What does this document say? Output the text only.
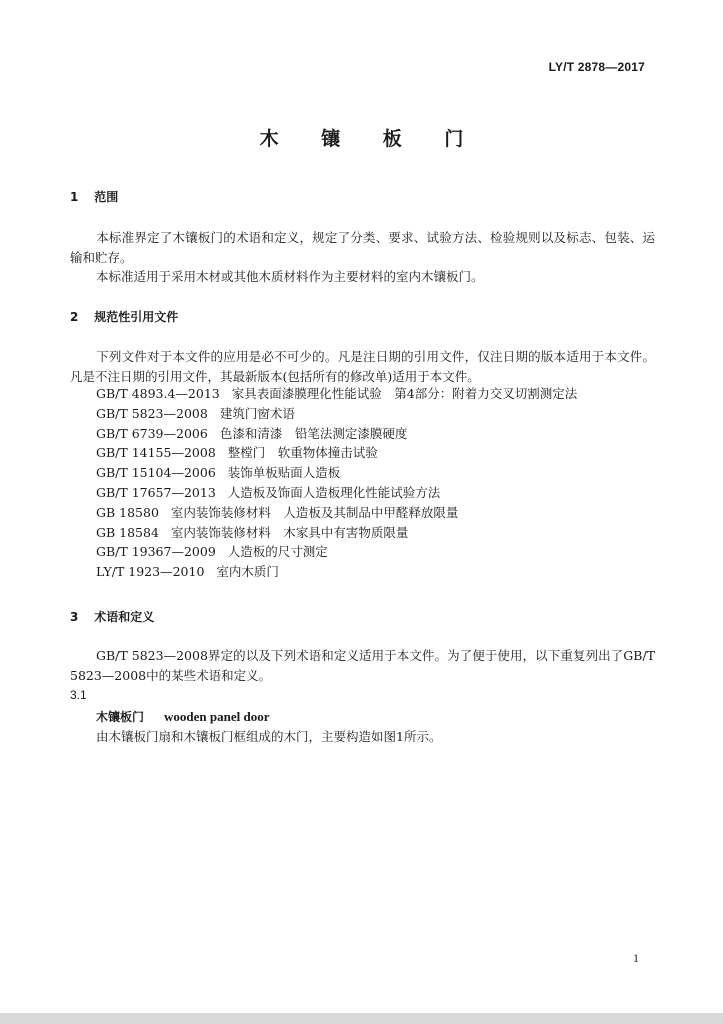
LY/T 2878—2017
木 镶 板 门
1 范围
本标准界定了木镶板门的术语和定义，规定了分类、要求、试验方法、检验规则以及标志、包装、运输和贮存。
本标准适用于采用木材或其他木质材料作为主要材料的室内木镶板门。
2 规范性引用文件
下列文件对于本文件的应用是必不可少的。凡是注日期的引用文件，仅注日期的版本适用于本文件。凡是不注日期的引用文件，其最新版本(包括所有的修改单)适用于本文件。
GB/T 4893.4—2013 家具表面漆膜理化性能试验　第4部分：附着力交叉切割测定法
GB/T 5823—2008 建筑门窗术语
GB/T 6739—2006 色漆和清漆　铅笔法测定漆膜硬度
GB/T 14155—2008 整樘门　软重物体撞击试验
GB/T 15104—2006 装饰单板贴面人造板
GB/T 17657—2013 人造板及饰面人造板理化性能试验方法
GB 18580 室内装饰装修材料　人造板及其制品中甲醛释放限量
GB 18584 室内装饰装修材料　木家具中有害物质限量
GB/T 19367—2009 人造板的尺寸测定
LY/T 1923—2010 室内木质门
3 术语和定义
GB/T 5823—2008界定的以及下列术语和定义适用于本文件。为了便于使用，以下重复列出了GB/T 5823—2008中的某些术语和定义。
3.1
木镶板门 wooden panel door
由木镶板门扇和木镶板门框组成的木门，主要构造如图1所示。
1
